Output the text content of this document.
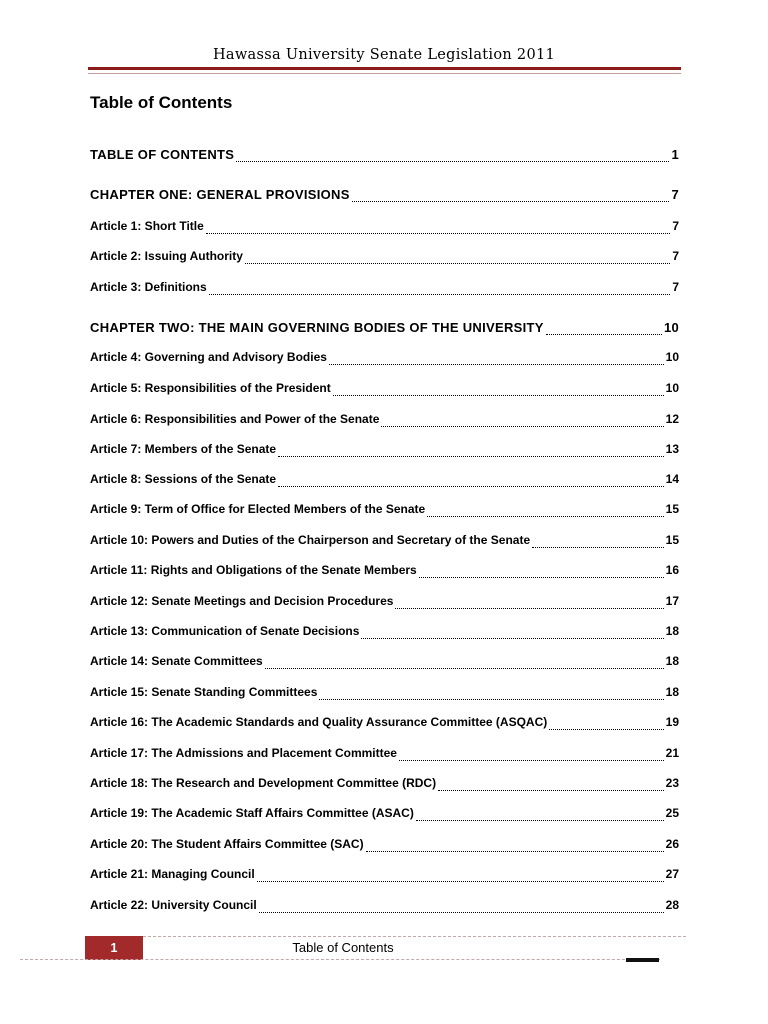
Hawassa University Senate Legislation 2011
Table of Contents
TABLE OF CONTENTS	1
CHAPTER ONE: GENERAL PROVISIONS	7
Article 1: Short Title	7
Article 2: Issuing Authority	7
Article 3: Definitions	7
CHAPTER TWO: THE MAIN GOVERNING BODIES OF THE UNIVERSITY	10
Article 4: Governing and Advisory Bodies	10
Article 5: Responsibilities of the President	10
Article 6: Responsibilities and Power of the Senate	12
Article 7: Members of the Senate	13
Article 8: Sessions of the Senate	14
Article 9: Term of Office for Elected Members of the Senate	15
Article 10: Powers and Duties of the Chairperson and Secretary of the Senate	15
Article 11: Rights and Obligations of the Senate Members	16
Article 12: Senate Meetings and Decision Procedures	17
Article 13: Communication of Senate Decisions	18
Article 14: Senate Committees	18
Article 15: Senate Standing Committees	18
Article 16: The Academic Standards and Quality Assurance Committee (ASQAC)	19
Article 17: The Admissions and Placement Committee	21
Article 18: The Research and Development Committee (RDC)	23
Article 19: The Academic Staff Affairs Committee (ASAC)	25
Article 20: The Student Affairs Committee (SAC)	26
Article 21: Managing Council	27
Article 22: University Council	28
1	Table of Contents
